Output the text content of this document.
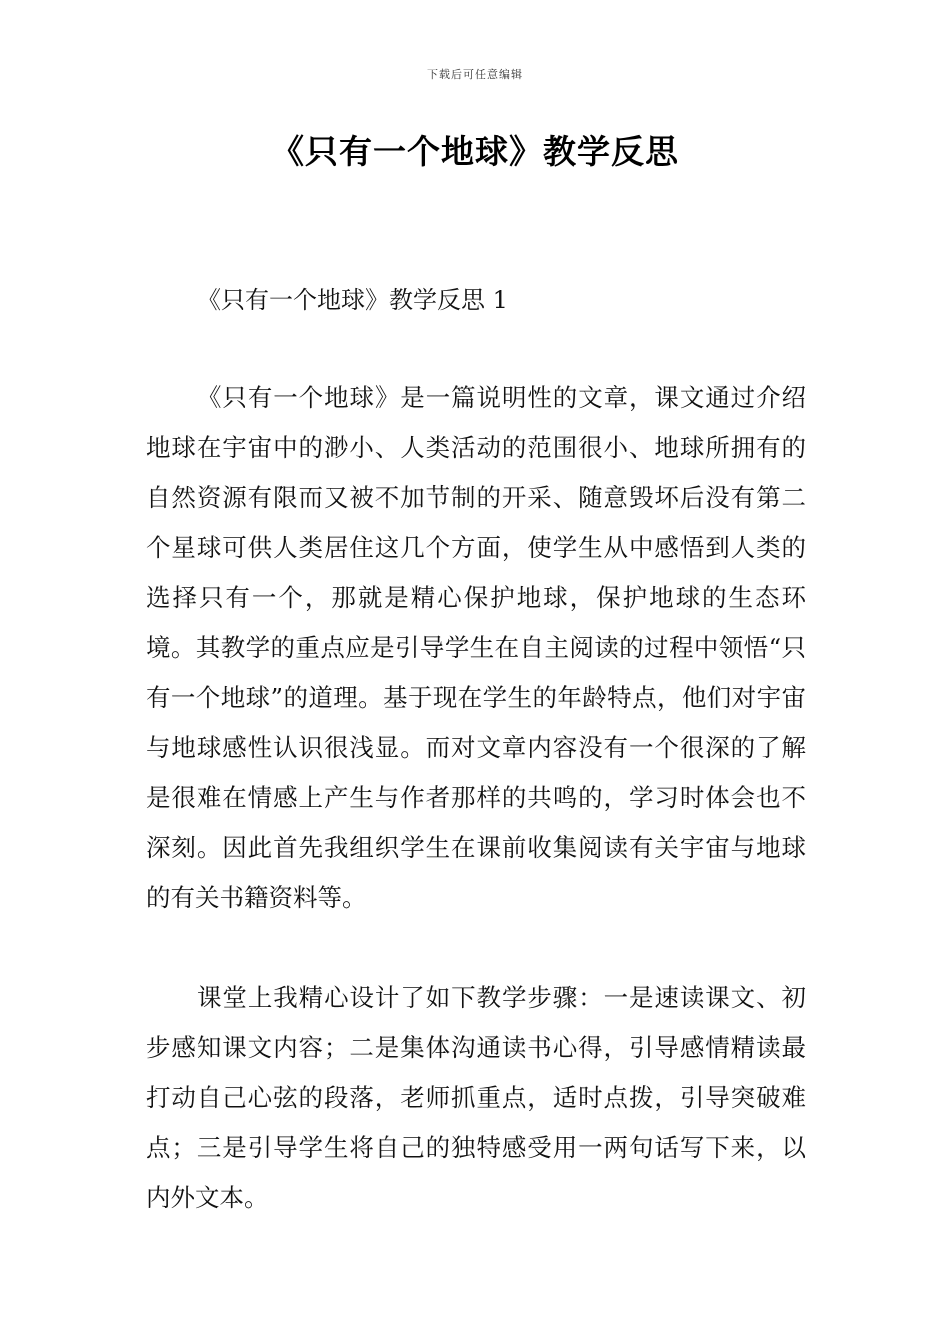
下载后可任意编辑
《只有一个地球》教学反思
《只有一个地球》教学反思 1

《只有一个地球》是一篇说明性的文章，课文通过介绍地球在宇宙中的渺小、人类活动的范围很小、地球所拥有的自然资源有限而又被不加节制的开采、随意毁坏后没有第二个星球可供人类居住这几个方面，使学生从中感悟到人类的选择只有一个，那就是精心保护地球，保护地球的生态环境。其教学的重点应是引导学生在自主阅读的过程中领悟“只有一个地球”的道理。基于现在学生的年龄特点，他们对宇宙与地球感性认识很浅显。而对文章内容没有一个很深的了解是很难在情感上产生与作者那样的共鸣的，学习时体会也不深刻。因此首先我组织学生在课前收集阅读有关宇宙与地球的有关书籍资料等。

课堂上我精心设计了如下教学步骤：一是速读课文、初步感知课文内容；二是集体沟通读书心得，引导感情精读最打动自己心弦的段落，老师抓重点，适时点拨，引导突破难点；三是引导学生将自己的独特感受用一两句话写下来，以内外文本。
